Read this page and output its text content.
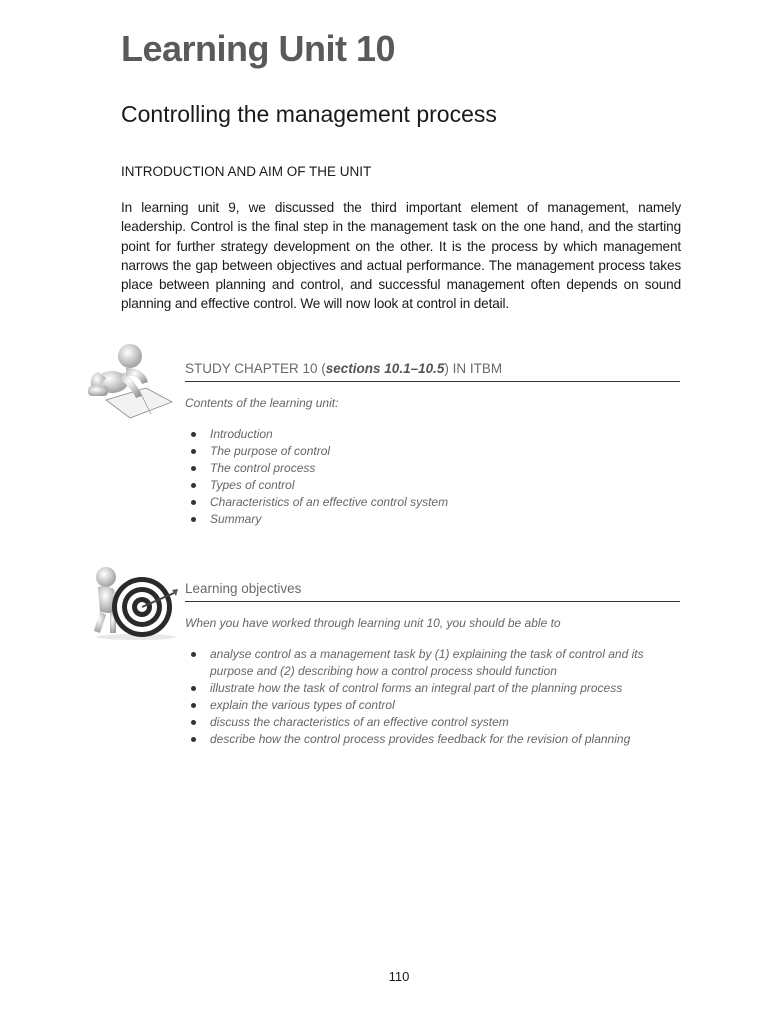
Learning Unit 10
Controlling the management process
INTRODUCTION AND AIM OF THE UNIT

In learning unit 9, we discussed the third important element of management, namely leadership. Control is the final step in the management task on the one hand, and the starting point for further strategy development on the other. It is the process by which management narrows the gap between objectives and actual performance. The management process takes place between planning and control, and successful management often depends on sound planning and effective control. We will now look at control in detail.

STUDY CHAPTER 10 (sections 10.1–10.5) IN ITBM
Contents of the learning unit:
Introduction
The purpose of control
The control process
Types of control
Characteristics of an effective control system
Summary
Learning objectives
When you have worked through learning unit 10, you should be able to
analyse control as a management task by (1) explaining the task of control and its purpose and (2) describing how a control process should function
illustrate how the task of control forms an integral part of the planning process
explain the various types of control
discuss the characteristics of an effective control system
describe how the control process provides feedback for the revision of planning
110
